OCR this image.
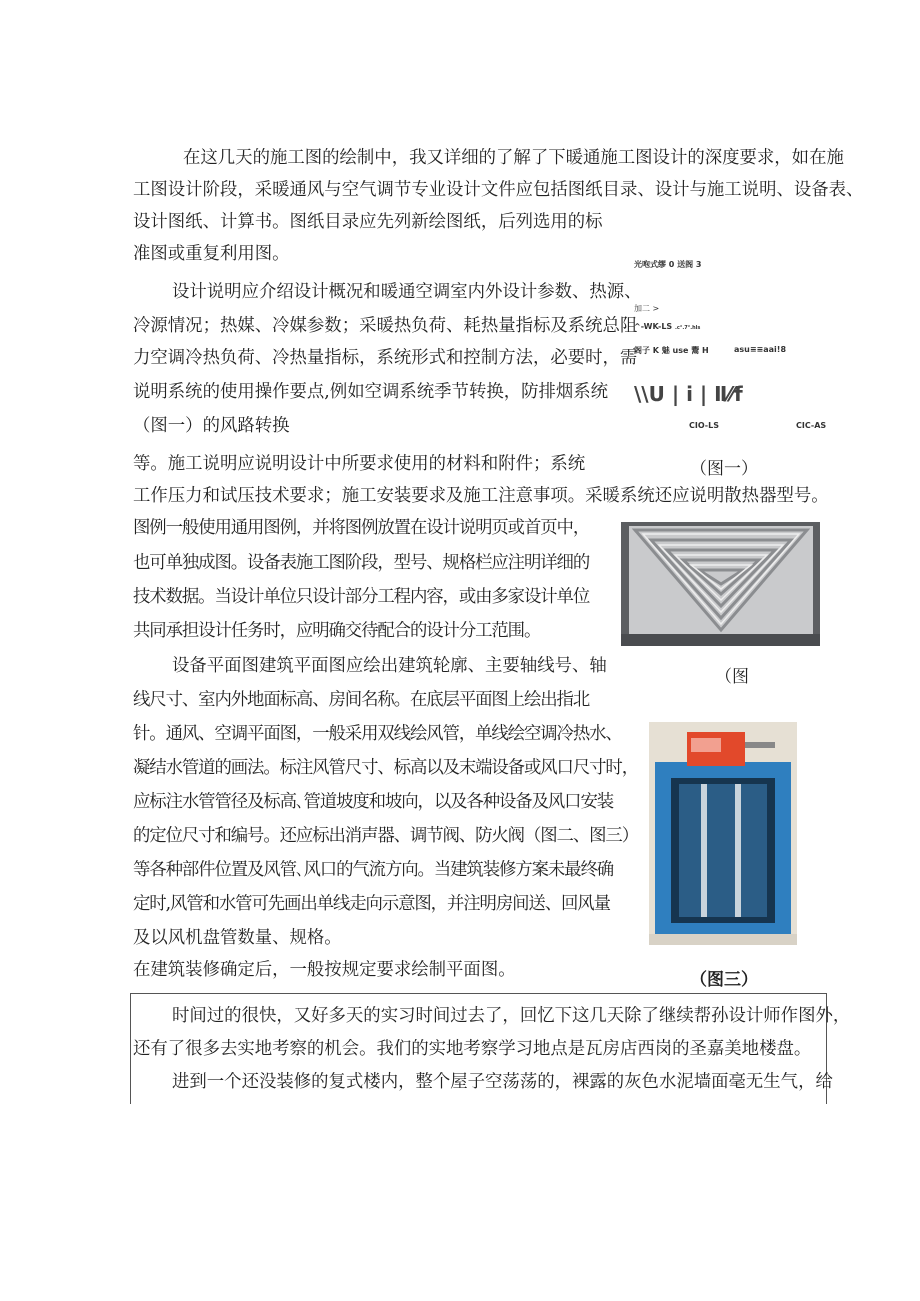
在这几天的施工图的绘制中，我又详细的了解了下暖通施工图设计的深度要求，如在施
工图设计阶段，采暖通风与空气调节专业设计文件应包括图纸目录、设计与施工说明、设备表、
设计图纸、计算书。图纸目录应先列新绘图纸，后列选用的标
准图或重复利用图。
设计说明应介绍设计概况和暖通空调室内外设计参数、热源、
冷源情况；热媒、冷媒参数；采暖热负荷、耗热量指标及系统总阻
力空调冷热负荷、冷热量指标，系统形式和控制方法，必要时，需
说明系统的使用操作要点,例如空调系统季节转换，防排烟系统
（图一）的风路转换
等。施工说明应说明设计中所要求使用的材料和附件；系统
工作压力和试压技术要求；施工安装要求及施工注意事项。采暖系统还应说明散热器型号。
图例一般使用通用图例，并将图例放置在设计说明页或首页中，
也可单独成图。设备表施工图阶段，型号、规格栏应注明详细的
技术数据。当设计单位只设计部分工程内容，或由多家设计单位
共同承担设计任务时，应明确交待配合的设计分工范围。
设备平面图建筑平面图应绘出建筑轮廓、主要轴线号、轴
线尺寸、室内外地面标高、房间名称。在底层平面图上绘出指北
针。通风、空调平面图，一般采用双线绘风管，单线绘空调冷热水、
凝结水管道的画法。标注风管尺寸、标高以及末端设备或风口尺寸时，
应标注水管管径及标高､管道坡度和坡向，以及各种设备及风口安装
的定位尺寸和编号。还应标出消声器、调节阀、防火阀（图二、图三）
等各种部件位置及风管､风口的气流方向。当建筑装修方案未最终确
定时,风管和水管可先画出单线走向示意图，并注明房间送、回风量
及以风机盘管数量、规格。
在建筑装修确定后，一般按规定要求绘制平面图。
光咆式缪 0 送阁 3
加二 >
^-WK-LS .c°.7°.hls
阁子 K 魅 use 鬻 H	asu≡≡aai!8
\\U | i | Ⅱ⁄⁄f
CIO-LS	CIC-AS
（图一）
（图
（图三）
时间过的很快，又好多天的实习时间过去了，回忆下这几天除了继续帮孙设计师作图外，
还有了很多去实地考察的机会。我们的实地考察学习地点是瓦房店西岗的圣嘉美地楼盘。
进到一个还没装修的复式楼内，整个屋子空荡荡的，裸露的灰色水泥墙面毫无生气，给
